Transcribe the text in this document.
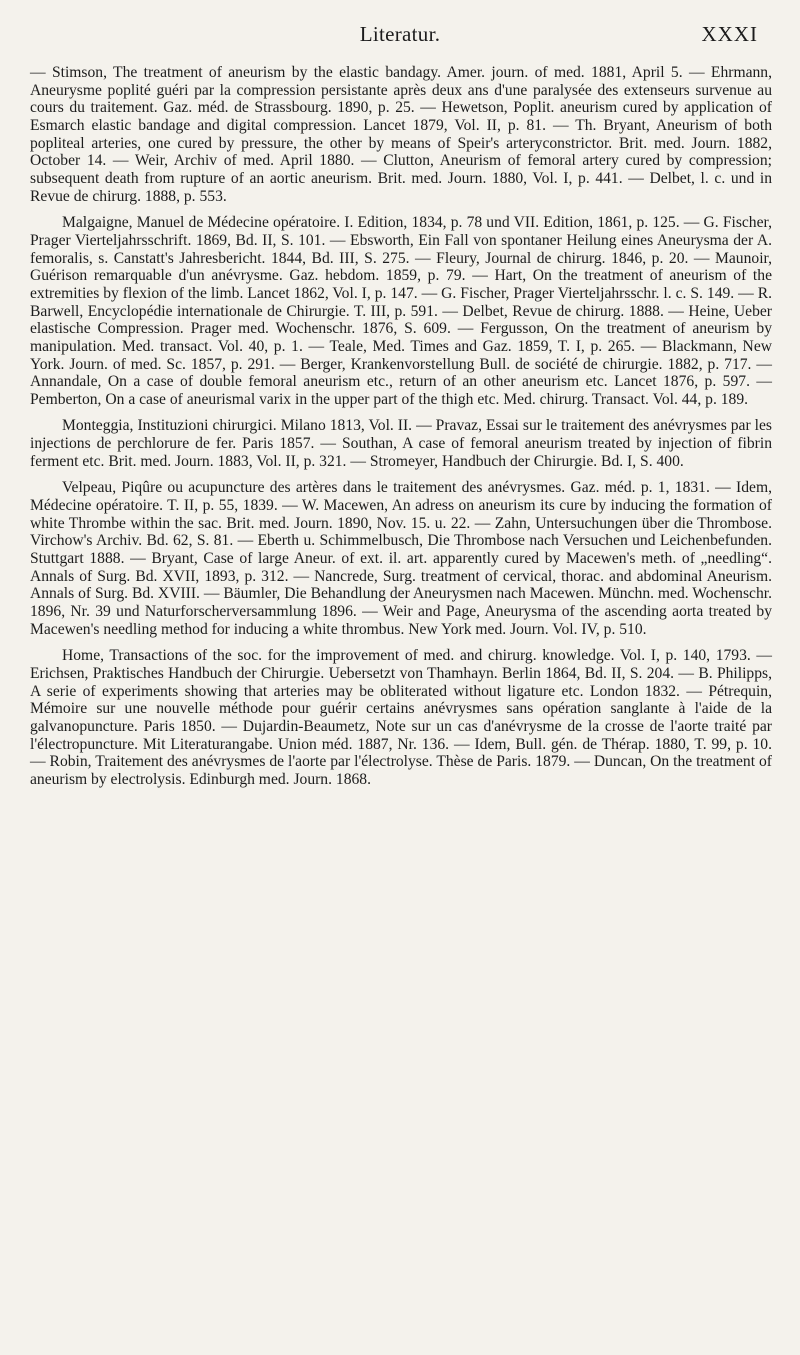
Literatur.	XXXI

— Stimson, The treatment of aneurism by the elastic bandagy. Amer. journ. of med. 1881, April 5. — Ehrmann, Aneurysme poplité guéri par la compression persistante après deux ans d'une paralysée des extenseurs survenue au cours du traitement. Gaz. méd. de Strassbourg. 1890, p. 25. — Hewetson, Poplit. aneurism cured by application of Esmarch elastic bandage and digital compression. Lancet 1879, Vol. II, p. 81. — Th. Bryant, Aneurism of both popliteal arteries, one cured by pressure, the other by means of Speir's arteryconstrictor. Brit. med. Journ. 1882, October 14. — Weir, Archiv of med. April 1880. — Clutton, Aneurism of femoral artery cured by compression; subsequent death from rupture of an aortic aneurism. Brit. med. Journ. 1880, Vol. I, p. 441. — Delbet, l. c. und in Revue de chirurg. 1888, p. 553.

Malgaigne, Manuel de Médecine opératoire. I. Edition, 1834, p. 78 und VII. Edition, 1861, p. 125. — G. Fischer, Prager Vierteljahrsschrift. 1869, Bd. II, S. 101. — Ebsworth, Ein Fall von spontaner Heilung eines Aneurysma der A. femoralis, s. Canstatt's Jahresbericht. 1844, Bd. III, S. 275. — Fleury, Journal de chirurg. 1846, p. 20. — Maunoir, Guérison remarquable d'un anévrysme. Gaz. hebdom. 1859, p. 79. — Hart, On the treatment of aneurism of the extremities by flexion of the limb. Lancet 1862, Vol. I, p. 147. — G. Fischer, Prager Vierteljahrsschr. l. c. S. 149. — R. Barwell, Encyclopédie internationale de Chirurgie. T. III, p. 591. — Delbet, Revue de chirurg. 1888. — Heine, Ueber elastische Compression. Prager med. Wochenschr. 1876, S. 609. — Fergusson, On the treatment of aneurism by manipulation. Med. transact. Vol. 40, p. 1. — Teale, Med. Times and Gaz. 1859, T. I, p. 265. — Blackmann, New York. Journ. of med. Sc. 1857, p. 291. — Berger, Krankenvorstellung Bull. de société de chirurgie. 1882, p. 717. — Annandale, On a case of double femoral aneurism etc., return of an other aneurism etc. Lancet 1876, p. 597. — Pemberton, On a case of aneurismal varix in the upper part of the thigh etc. Med. chirurg. Transact. Vol. 44, p. 189.

Monteggia, Instituzioni chirurgici. Milano 1813, Vol. II. — Pravaz, Essai sur le traitement des anévrysmes par les injections de perchlorure de fer. Paris 1857. — Southan, A case of femoral aneurism treated by injection of fibrin ferment etc. Brit. med. Journ. 1883, Vol. II, p. 321. — Stromeyer, Handbuch der Chirurgie. Bd. I, S. 400.

Velpeau, Piqûre ou acupuncture des artères dans le traitement des anévrysmes. Gaz. méd. p. 1, 1831. — Idem, Médecine opératoire. T. II, p. 55, 1839. — W. Macewen, An adress on aneurism its cure by inducing the formation of white Thrombe within the sac. Brit. med. Journ. 1890, Nov. 15. u. 22. — Zahn, Untersuchungen über die Thrombose. Virchow's Archiv. Bd. 62, S. 81. — Eberth u. Schimmelbusch, Die Thrombose nach Versuchen und Leichenbefunden. Stuttgart 1888. — Bryant, Case of large Aneur. of ext. il. art. apparently cured by Macewen's meth. of „needling“. Annals of Surg. Bd. XVII, 1893, p. 312. — Nancrede, Surg. treatment of cervical, thorac. and abdominal Aneurism. Annals of Surg. Bd. XVIII. — Bäumler, Die Behandlung der Aneurysmen nach Macewen. Münchn. med. Wochenschr. 1896, Nr. 39 und Naturforscherversammlung 1896. — Weir and Page, Aneurysma of the ascending aorta treated by Macewen's needling method for inducing a white thrombus. New York med. Journ. Vol. IV, p. 510.

Home, Transactions of the soc. for the improvement of med. and chirurg. knowledge. Vol. I, p. 140, 1793. — Erichsen, Praktisches Handbuch der Chirurgie. Uebersetzt von Thamhayn. Berlin 1864, Bd. II, S. 204. — B. Philipps, A serie of experiments showing that arteries may be obliterated without ligature etc. London 1832. — Pétrequin, Mémoire sur une nouvelle méthode pour guérir certains anévrysmes sans opération sanglante à l'aide de la galvanopuncture. Paris 1850. — Dujardin-Beaumetz, Note sur un cas d'anévrysme de la crosse de l'aorte traité par l'électropuncture. Mit Literaturangabe. Union méd. 1887, Nr. 136. — Idem, Bull. gén. de Thérap. 1880, T. 99, p. 10. — Robin, Traitement des anévrysmes de l'aorte par l'électrolyse. Thèse de Paris. 1879. — Duncan, On the treatment of aneurism by electrolysis. Edinburgh med. Journ. 1868.
